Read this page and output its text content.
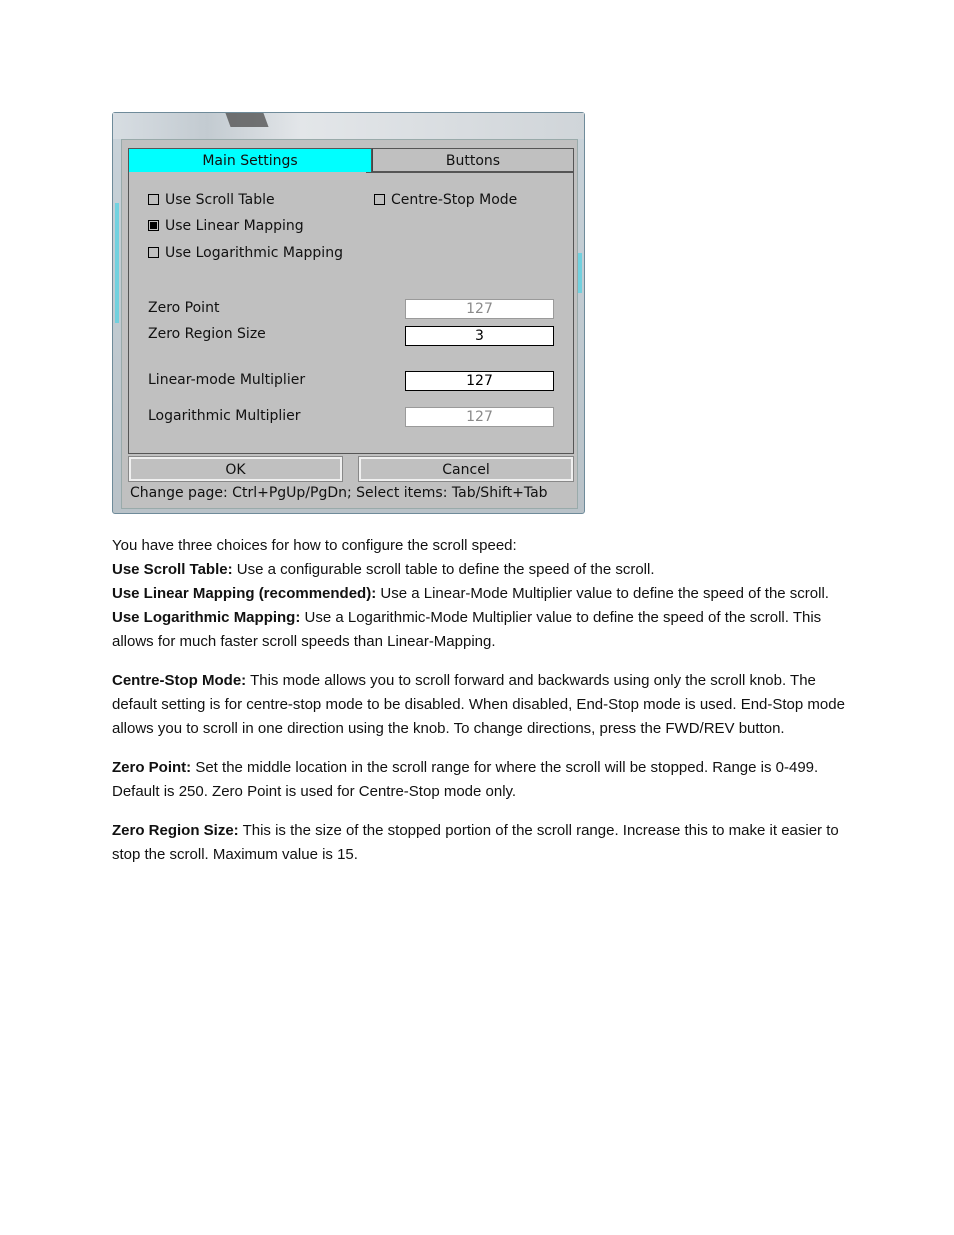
Main Settings	Buttons
Use Scroll Table
Use Linear Mapping
Use Logarithmic Mapping
Centre-Stop Mode
Zero Point	127
Zero Region Size	3
Linear-mode Multiplier	127
Logarithmic Multiplier	127
OK	Cancel
Change page: Ctrl+PgUp/PgDn; Select items: Tab/Shift+Tab

You have three choices for how to configure the scroll speed:

Use Scroll Table: Use a configurable scroll table to define the speed of the scroll.

Use Linear Mapping (recommended): Use a Linear-Mode Multiplier value to define the speed of the scroll.

Use Logarithmic Mapping: Use a Logarithmic-Mode Multiplier value to define the speed of the scroll. This allows for much faster scroll speeds than Linear-Mapping.

Centre-Stop Mode: This mode allows you to scroll forward and backwards using only the scroll knob. The default setting is for centre-stop mode to be disabled. When disabled, End-Stop mode is used. End-Stop mode allows you to scroll in one direction using the knob. To change directions, press the FWD/REV button.

Zero Point: Set the middle location in the scroll range for where the scroll will be stopped. Range is 0-499. Default is 250. Zero Point is used for Centre-Stop mode only.

Zero Region Size: This is the size of the stopped portion of the scroll range. Increase this to make it easier to stop the scroll. Maximum value is 15.
